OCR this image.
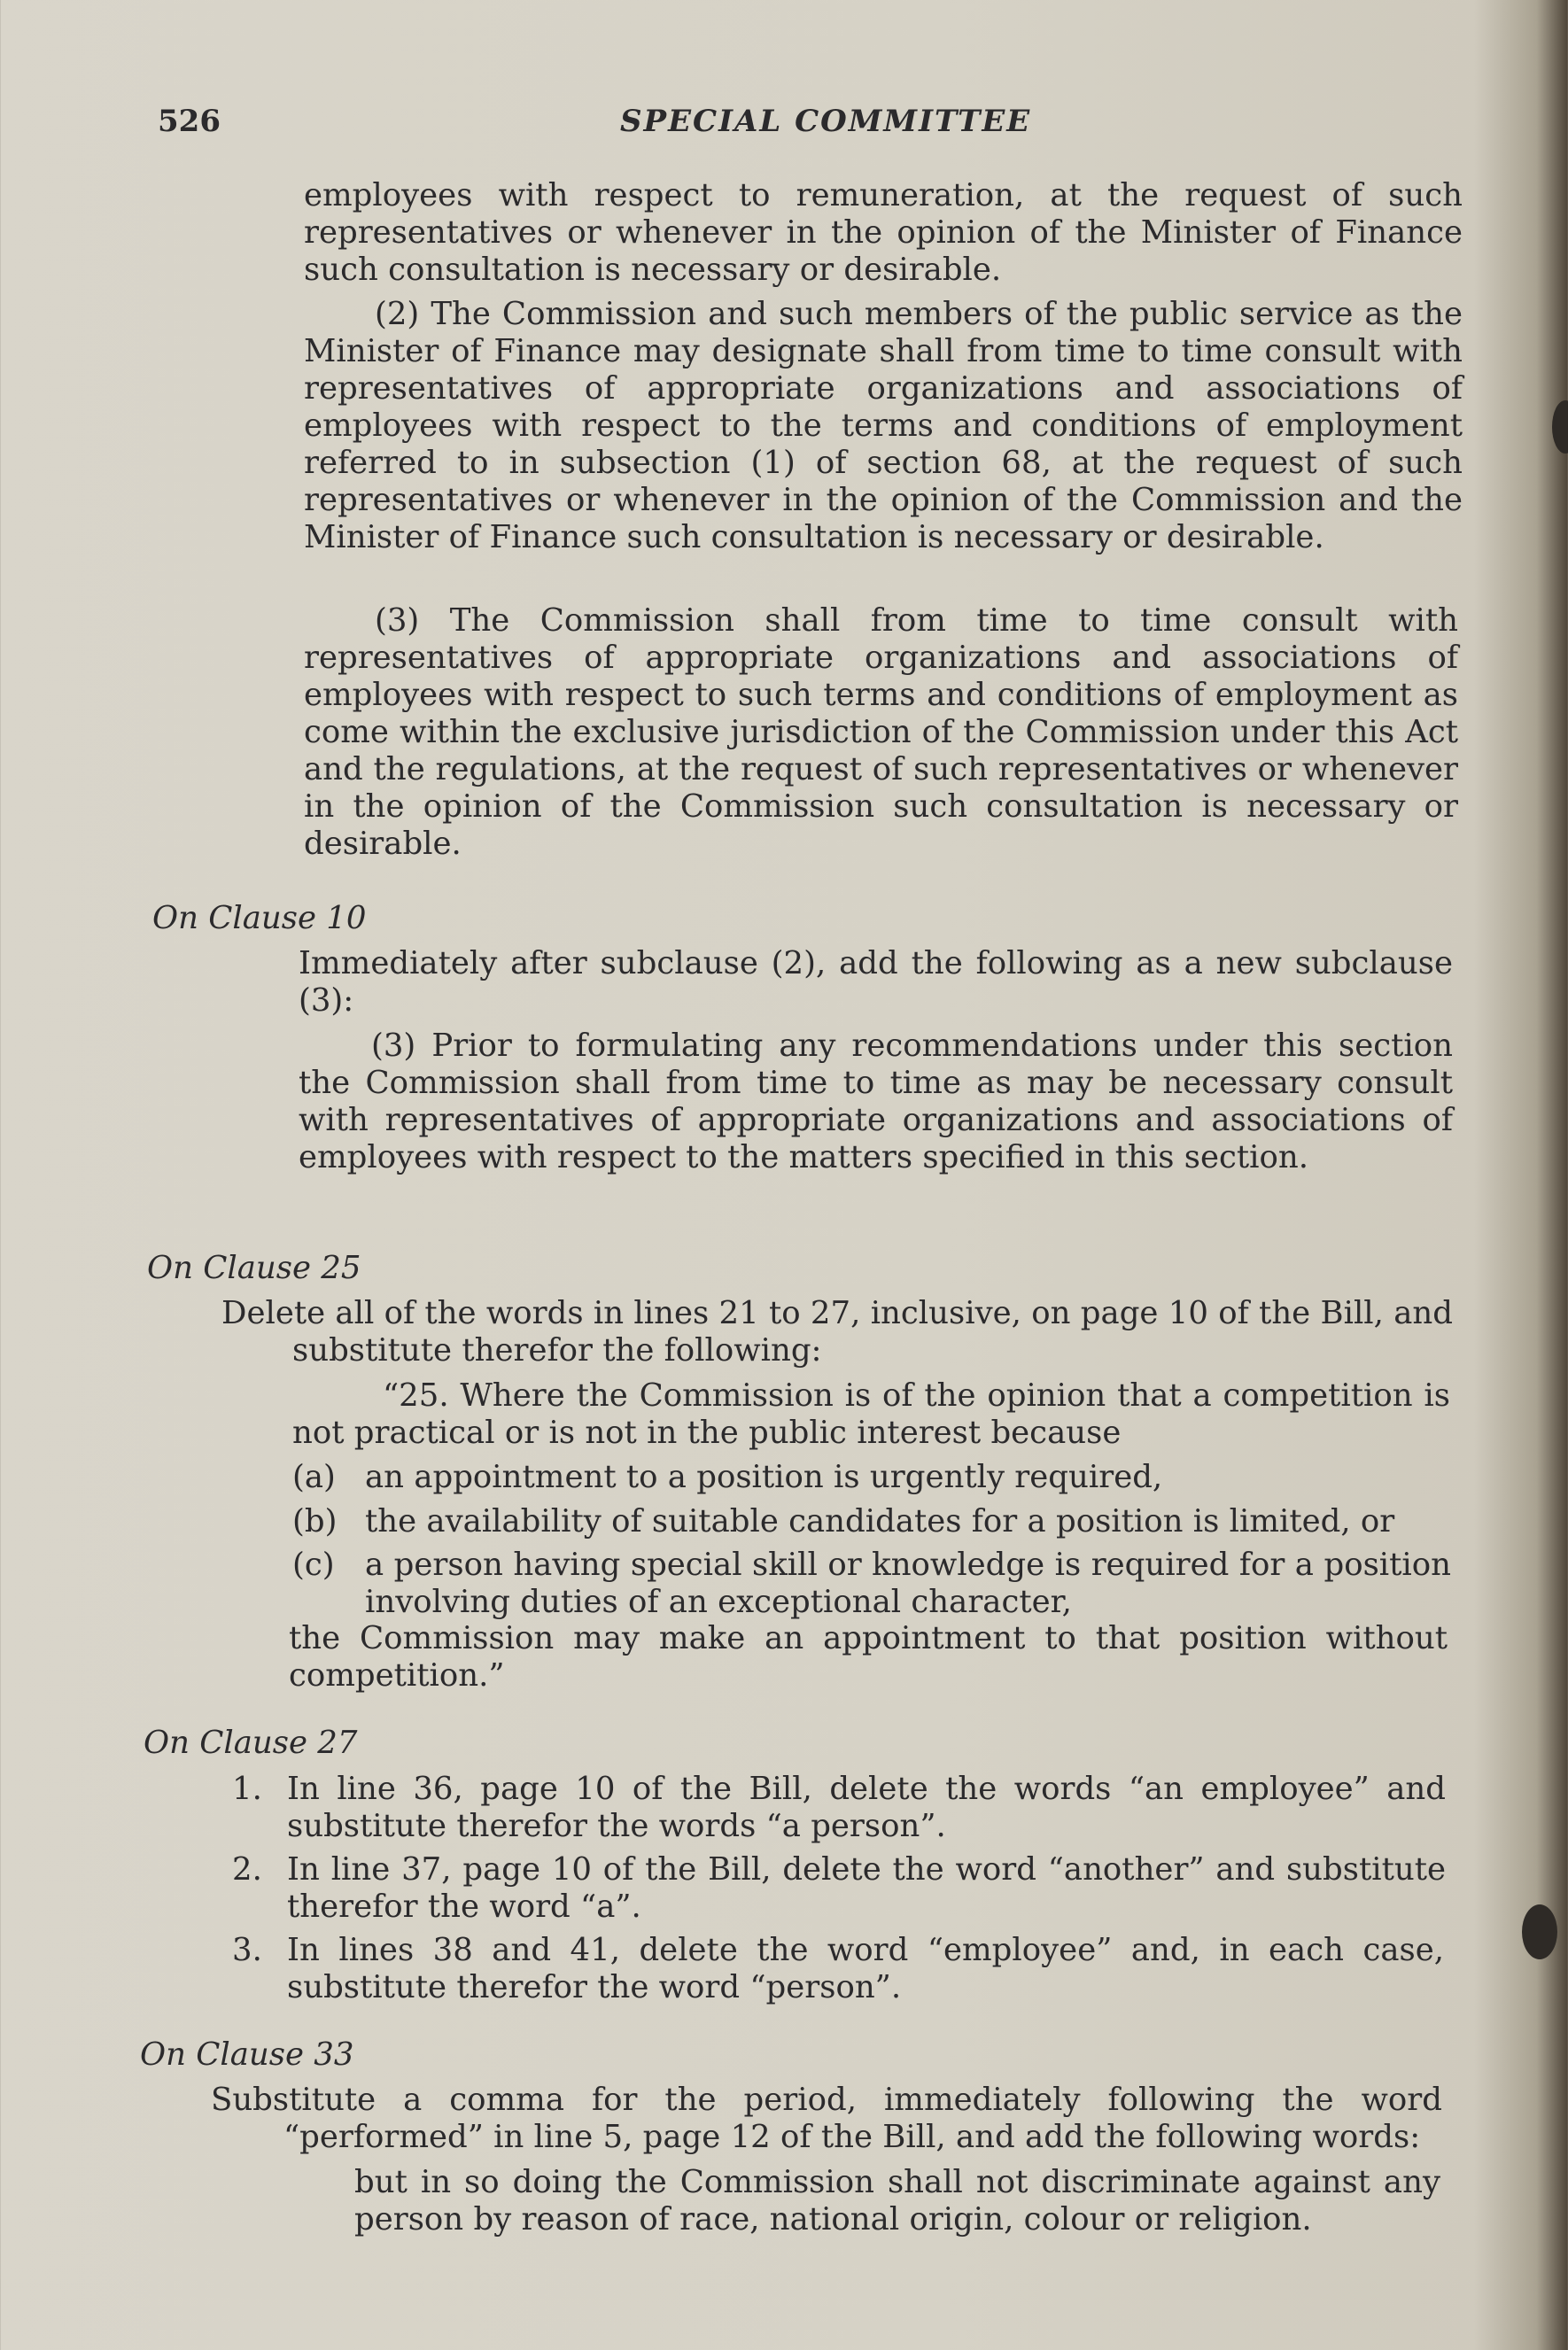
526	SPECIAL COMMITTEE

employees with respect to remuneration, at the request of such representatives or whenever in the opinion of the Minister of Finance such consultation is necessary or desirable.

(2) The Commission and such members of the public service as the Minister of Finance may designate shall from time to time consult with representatives of appropriate organizations and associations of employees with respect to the terms and conditions of employment referred to in subsection (1) of section 68, at the request of such representatives or whenever in the opinion of the Commission and the Minister of Finance such consultation is necessary or desirable.

(3) The Commission shall from time to time consult with representatives of appropriate organizations and associations of employees with respect to such terms and conditions of employment as come within the exclusive jurisdiction of the Commission under this Act and the regulations, at the request of such representatives or whenever in the opinion of the Commission such consultation is necessary or desirable.

On Clause 10

Immediately after subclause (2), add the following as a new subclause (3):

(3) Prior to formulating any recommendations under this section the Commission shall from time to time as may be necessary consult with representatives of appropriate organizations and associations of employees with respect to the matters specified in this section.

On Clause 25

Delete all of the words in lines 21 to 27, inclusive, on page 10 of the Bill, and substitute therefor the following:

“25. Where the Commission is of the opinion that a competition is not practical or is not in the public interest because

(a) an appointment to a position is urgently required,
(b) the availability of suitable candidates for a position is limited, or
(c) a person having special skill or knowledge is required for a position involving duties of an exceptional character,

the Commission may make an appointment to that position without competition.”

On Clause 27
1. In line 36, page 10 of the Bill, delete the words “an employee” and substitute therefor the words “a person”.
2. In line 37, page 10 of the Bill, delete the word “another” and substitute therefor the word “a”.
3. In lines 38 and 41, delete the word “employee” and, in each case, substitute therefor the word “person”.
On Clause 33

Substitute a comma for the period, immediately following the word “performed” in line 5, page 12 of the Bill, and add the following words:

but in so doing the Commission shall not discriminate against any person by reason of race, national origin, colour or religion.
